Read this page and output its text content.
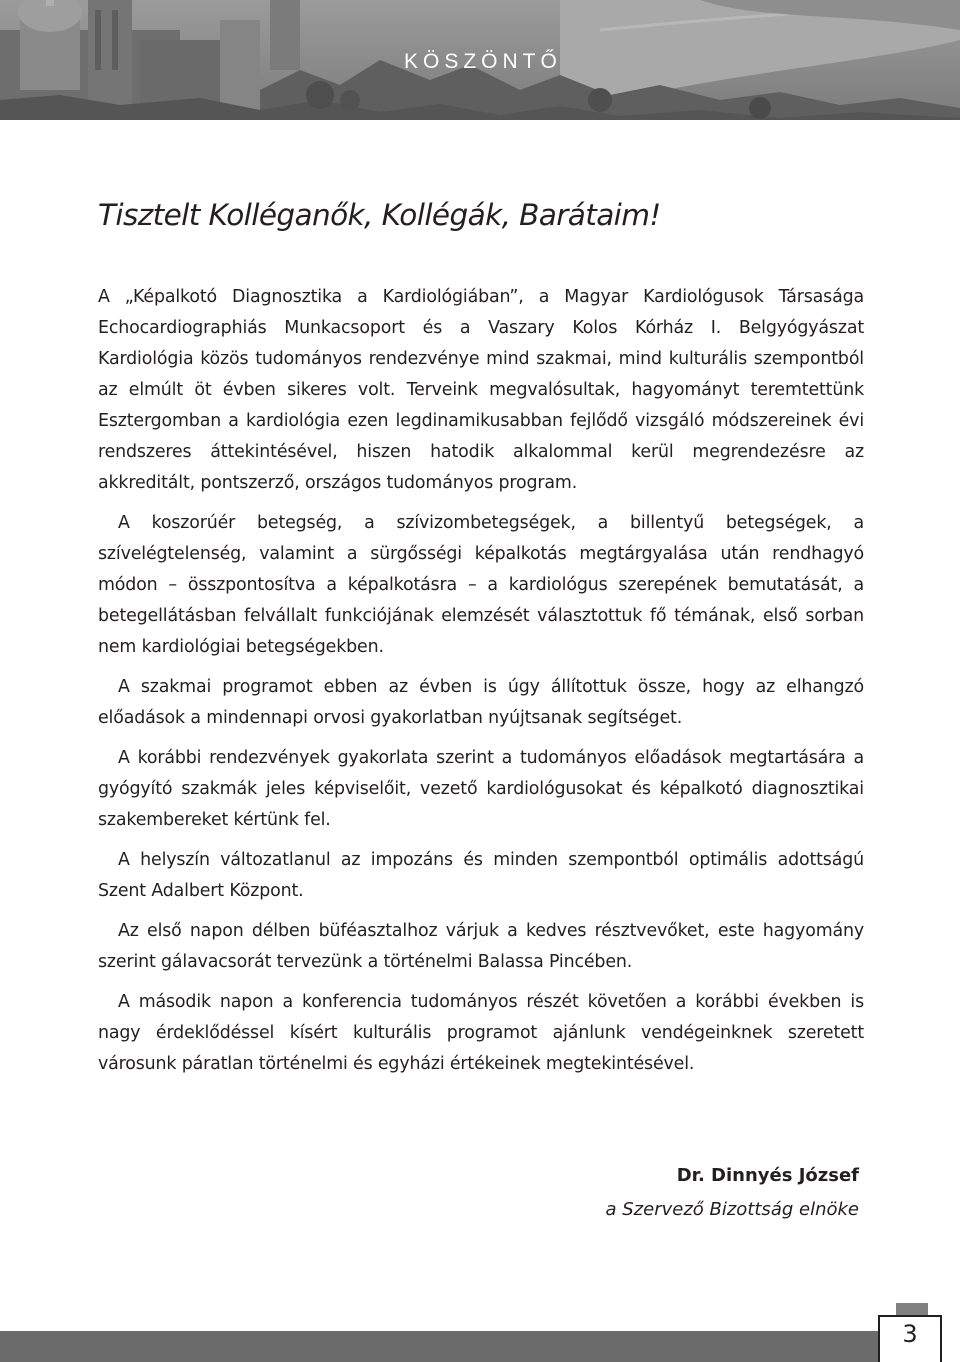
KÖSZÖNTŐ
Tisztelt Kolléganők, Kollégák, Barátaim!

A „Képalkotó Diagnosztika a Kardiológiában”, a Magyar Kardiológusok Társasága Echocardiographiás Munkacsoport és a Vaszary Kolos Kórház I. Belgyógyászat Kardiológia közös tudományos rendezvénye mind szakmai, mind kulturális szempontból az elmúlt öt évben sikeres volt. Terveink megvalósultak, hagyományt teremtettünk Esztergomban a kardiológia ezen legdinamikusabban fejlődő vizsgáló módszereinek évi rendszeres áttekintésével, hiszen hatodik alkalommal kerül megrendezésre az akkreditált, pontszerző, országos tudományos program.

A koszorúér betegség, a szívizombetegségek, a billentyű betegségek, a szívelégtelenség, valamint a sürgősségi képalkotás megtárgyalása után rendhagyó módon – összpontosítva a képalkotásra – a kardiológus szerepének bemutatását, a betegellátásban felvállalt funkciójának elemzését választottuk fő témának, első sorban nem kardiológiai betegségekben.

A szakmai programot ebben az évben is úgy állítottuk össze, hogy az elhangzó előadások a mindennapi orvosi gyakorlatban nyújtsanak segítséget.

A korábbi rendezvények gyakorlata szerint a tudományos előadások megtartására a gyógyító szakmák jeles képviselőit, vezető kardiológusokat és képalkotó diagnosztikai szakembereket kértünk fel.

A helyszín változatlanul az impozáns és minden szempontból optimális adottságú Szent Adalbert Központ.

Az első napon délben büféasztalhoz várjuk a kedves résztvevőket, este hagyomány szerint gálavacsorát tervezünk a történelmi Balassa Pincében.

A második napon a konferencia tudományos részét követően a korábbi években is nagy érdeklődéssel kísért kulturális programot ajánlunk vendégeinknek szeretett városunk páratlan történelmi és egyházi értékeinek megtekintésével.

Dr. Dinnyés József
a Szervező Bizottság elnöke
3
